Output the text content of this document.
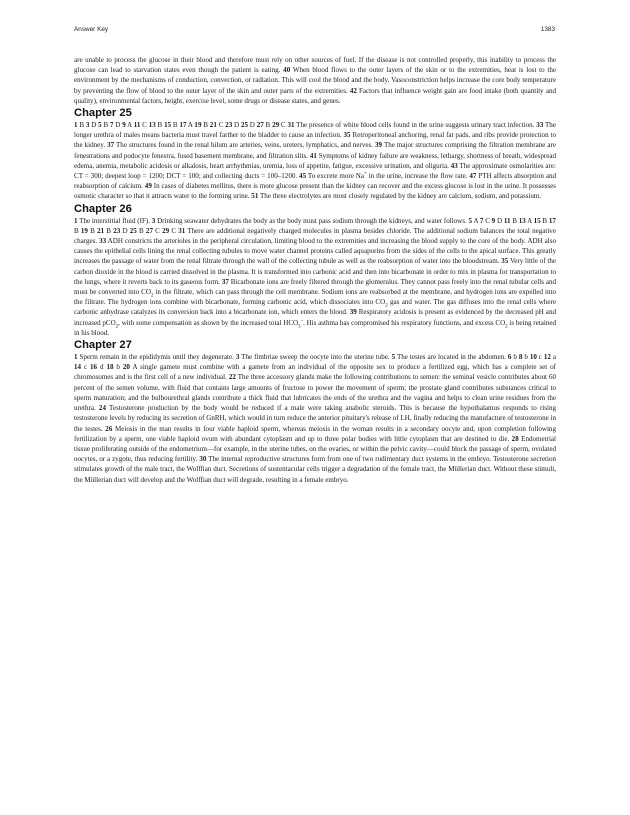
Answer Key	1383

are unable to process the glucose in their blood and therefore must rely on other sources of fuel. If the disease is not controlled properly, this inability to process the glucose can lead to starvation states even though the patient is eating. 40 When blood flows to the outer layers of the skin or to the extremities, heat is lost to the environment by the mechanisms of conduction, convection, or radiation. This will cool the blood and the body. Vasoconstriction helps increase the core body temperature by preventing the flow of blood to the outer layer of the skin and outer parts of the extremities. 42 Factors that influence weight gain are food intake (both quantity and quality), environmental factors, height, exercise level, some drugs or disease states, and genes.

Chapter 25

1 B 3 D 5 B 7 D 9 A 11 C 13 B 15 B 17 A 19 B 21 C 23 D 25 D 27 B 29 C 31 The presence of white blood cells found in the urine suggests urinary tract infection. 33 The longer urethra of males means bacteria must travel farther to the bladder to cause an infection. 35 Retroperitoneal anchoring, renal fat pads, and ribs provide protection to the kidney. 37 The structures found in the renal hilum are arteries, veins, ureters, lymphatics, and nerves. 39 The major structures comprising the filtration membrane are fenestrations and podocyte fenestra, fused basement membrane, and filtration slits. 41 Symptoms of kidney failure are weakness, lethargy, shortness of breath, widespread edema, anemia, metabolic acidosis or alkalosis, heart arrhythmias, uremia, loss of appetite, fatigue, excessive urination, and oliguria. 43 The approximate osmolarities are: CT = 300; deepest loop = 1200; DCT = 100; and collecting ducts = 100–1200. 45 To excrete more Na+ in the urine, increase the flow rate. 47 PTH affects absorption and reabsorption of calcium. 49 In cases of diabetes mellitus, there is more glucose present than the kidney can recover and the excess glucose is lost in the urine. It possesses osmotic character so that it attracts water to the forming urine. 51 The three electrolytes are most closely regulated by the kidney are calcium, sodium, and potassium.

Chapter 26

1 The interstitial fluid (IF). 3 Drinking seawater dehydrates the body as the body must pass sodium through the kidneys, and water follows. 5 A 7 C 9 D 11 B 13 A 15 B 17 B 19 B 21 B 23 D 25 B 27 C 29 C 31 There are additional negatively charged molecules in plasma besides chloride. The additional sodium balances the total negative charges. 33 ADH constricts the arterioles in the peripheral circulation, limiting blood to the extremities and increasing the blood supply to the core of the body. ADH also causes the epithelial cells lining the renal collecting tubules to move water channel proteins called aquaporins from the sides of the cells to the apical surface. This greatly increases the passage of water from the renal filtrate through the wall of the collecting tubule as well as the reabsorption of water into the bloodstream. 35 Very little of the carbon dioxide in the blood is carried dissolved in the plasma. It is transformed into carbonic acid and then into bicarbonate in order to mix in plasma for transportation to the lungs, where it reverts back to its gaseous form. 37 Bicarbonate ions are freely filtered through the glomerulus. They cannot pass freely into the renal tubular cells and must be converted into $CO_2$ in the filtrate, which can pass through the cell membrane. Sodium ions are reabsorbed at the membrane, and hydrogen ions are expelled into the filtrate. The hydrogen ions combine with bicarbonate, forming carbonic acid, which dissociates into $CO_2$ gas and water. The gas diffuses into the renal cells where carbonic anhydrase catalyzes its conversion back into a bicarbonate ion, which enters the blood. 39 Respiratory acidosis is present as evidenced by the decreased pH and increased pCO$_2$, with some compensation as shown by the increased total $HCO_3^-$. His asthma has compromised his respiratory functions, and excess $CO_2$ is being retained in his blood.

Chapter 27

1 Sperm remain in the epididymis until they degenerate. 3 The fimbriae sweep the oocyte into the uterine tube. 5 The testes are located in the abdomen. 6 b 8 b 10 c 12 a 14 c 16 d 18 b 20 A single gamete must combine with a gamete from an individual of the opposite sex to produce a fertilized egg, which has a complete set of chromosomes and is the first cell of a new individual. 22 The three accessory glands make the following contributions to semen: the seminal vesicle contributes about 60 percent of the semen volume, with fluid that contains large amounts of fructose to power the movement of sperm; the prostate gland contributes substances critical to sperm maturation; and the bulbourethral glands contribute a thick fluid that lubricates the ends of the urethra and the vagina and helps to clean urine residues from the urethra. 24 Testosterone production by the body would be reduced if a male were taking anabolic steroids. This is because the hypothalamus responds to rising testosterone levels by reducing its secretion of GnRH, which would in turn reduce the anterior pituitary's release of LH, finally reducing the manufacture of testosterone in the testes. 26 Meiosis in the man results in four viable haploid sperm, whereas meiosis in the woman results in a secondary oocyte and, upon completion following fertilization by a sperm, one viable haploid ovum with abundant cytoplasm and up to three polar bodies with little cytoplasm that are destined to die. 28 Endometrial tissue proliferating outside of the endometrium—for example, in the uterine tubes, on the ovaries, or within the pelvic cavity—could block the passage of sperm, ovulated oocytes, or a zygote, thus reducing fertility. 30 The internal reproductive structures form from one of two rudimentary duct systems in the embryo. Testosterone secretion stimulates growth of the male tract, the Wolffian duct. Secretions of sustentacular cells trigger a degradation of the female tract, the Müllerian duct. Without these stimuli, the Müllerian duct will develop and the Wolffian duct will degrade, resulting in a female embryo.
